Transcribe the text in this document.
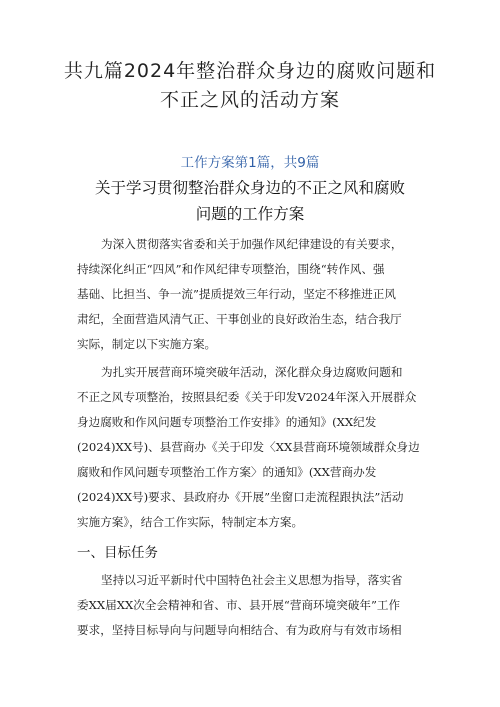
共九篇2024年整治群众身边的腐败问题和
不正之风的活动方案
工作方案第1篇，共9篇
关于学习贯彻整治群众身边的不正之风和腐败
问题的工作方案
为深入贯彻落实省委和关于加强作风纪律建设的有关要求，
持续深化纠正“四风”和作风纪律专项整治，围绕“转作风、强
基础、比担当、争一流”提质提效三年行动，坚定不移推进正风
肃纪，全面营造风清气正、干事创业的良好政治生态，结合我厅
实际，制定以下实施方案。
为扎实开展营商环境突破年活动，深化群众身边腐败问题和
不正之风专项整治，按照县纪委《关于印发V2024年深入开展群众
身边腐败和作风问题专项整治工作安排》的通知》(XX纪发
(2024)XX号)、县营商办《关于印发〈XX县营商环境领域群众身边
腐败和作风问题专项整治工作方案〉的通知》(XX营商办发
(2024)XX号)要求、县政府办《开展”坐窗口走流程跟执法”活动
实施方案》，结合工作实际，特制定本方案。
一、目标任务
坚持以习近平新时代中国特色社会主义思想为指导，落实省
委XX届XX次全会精神和省、市、县开展“营商环境突破年”工作
要求，坚持目标导向与问题导向相结合、有为政府与有效市场相
